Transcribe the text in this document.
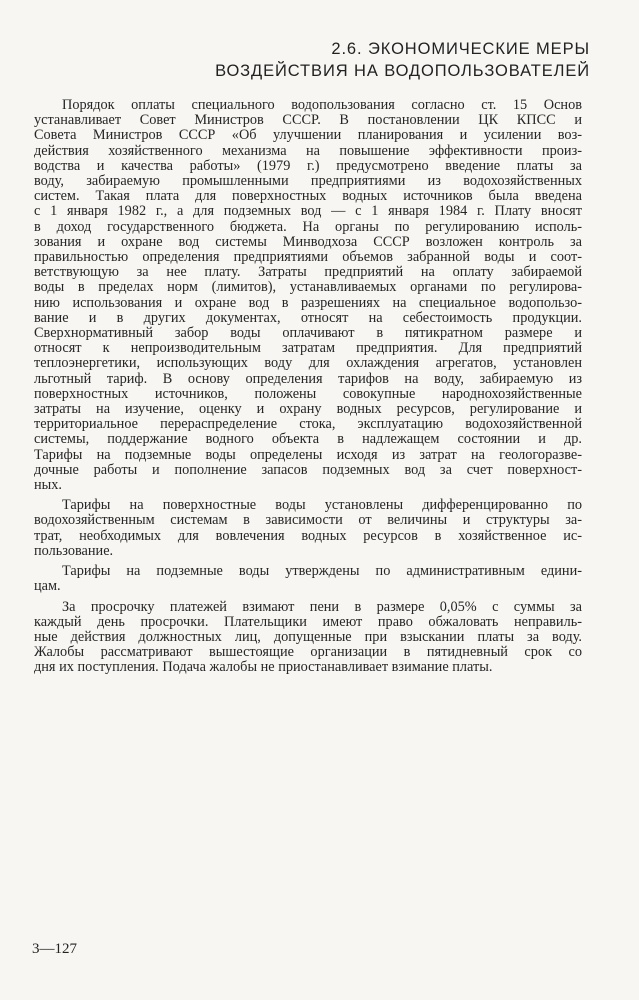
2.6. ЭКОНОМИЧЕСКИЕ МЕРЫ
ВОЗДЕЙСТВИЯ НА ВОДОПОЛЬЗОВАТЕЛЕЙ
Порядок оплаты специального водопользования согласно ст. 15 Основ
устанавливает Совет Министров СССР. В постановлении ЦК КПСС и
Совета Министров СССР «Об улучшении планирования и усилении воз-
действия хозяйственного механизма на повышение эффективности произ-
водства и качества работы» (1979 г.) предусмотрено введение платы за
воду, забираемую промышленными предприятиями из водохозяйственных
систем. Такая плата для поверхностных водных источников была введена
с 1 января 1982 г., а для подземных вод — с 1 января 1984 г. Плату вносят
в доход государственного бюджета. На органы по регулированию исполь-
зования и охране вод системы Минводхоза СССР возложен контроль за
правильностью определения предприятиями объемов забранной воды и соот-
ветствующую за нее плату. Затраты предприятий на оплату забираемой
воды в пределах норм (лимитов), устанавливаемых органами по регулирова-
нию использования и охране вод в разрешениях на специальное водопользо-
вание и в других документах, относят на себестоимость продукции.
Сверхнормативный забор воды оплачивают в пятикратном размере и
относят к непроизводительным затратам предприятия. Для предприятий
теплоэнергетики, использующих воду для охлаждения агрегатов, установлен
льготный тариф. В основу определения тарифов на воду, забираемую из
поверхностных источников, положены совокупные народнохозяйственные
затраты на изучение, оценку и охрану водных ресурсов, регулирование и
территориальное перераспределение стока, эксплуатацию водохозяйственной
системы, поддержание водного объекта в надлежащем состоянии и др.
Тарифы на подземные воды определены исходя из затрат на геологоразве-
дочные работы и пополнение запасов подземных вод за счет поверхност-
ных.
Тарифы на поверхностные воды установлены дифференцированно по
водохозяйственным системам в зависимости от величины и структуры за-
трат, необходимых для вовлечения водных ресурсов в хозяйственное ис-
пользование.
Тарифы на подземные воды утверждены по административным едини-
цам.
За просрочку платежей взимают пени в размере 0,05% с суммы за
каждый день просрочки. Плательщики имеют право обжаловать неправиль-
ные действия должностных лиц, допущенные при взыскании платы за воду.
Жалобы рассматривают вышестоящие организации в пятидневный срок со
дня их поступления. Подача жалобы не приостанавливает взимание платы.
3—127
